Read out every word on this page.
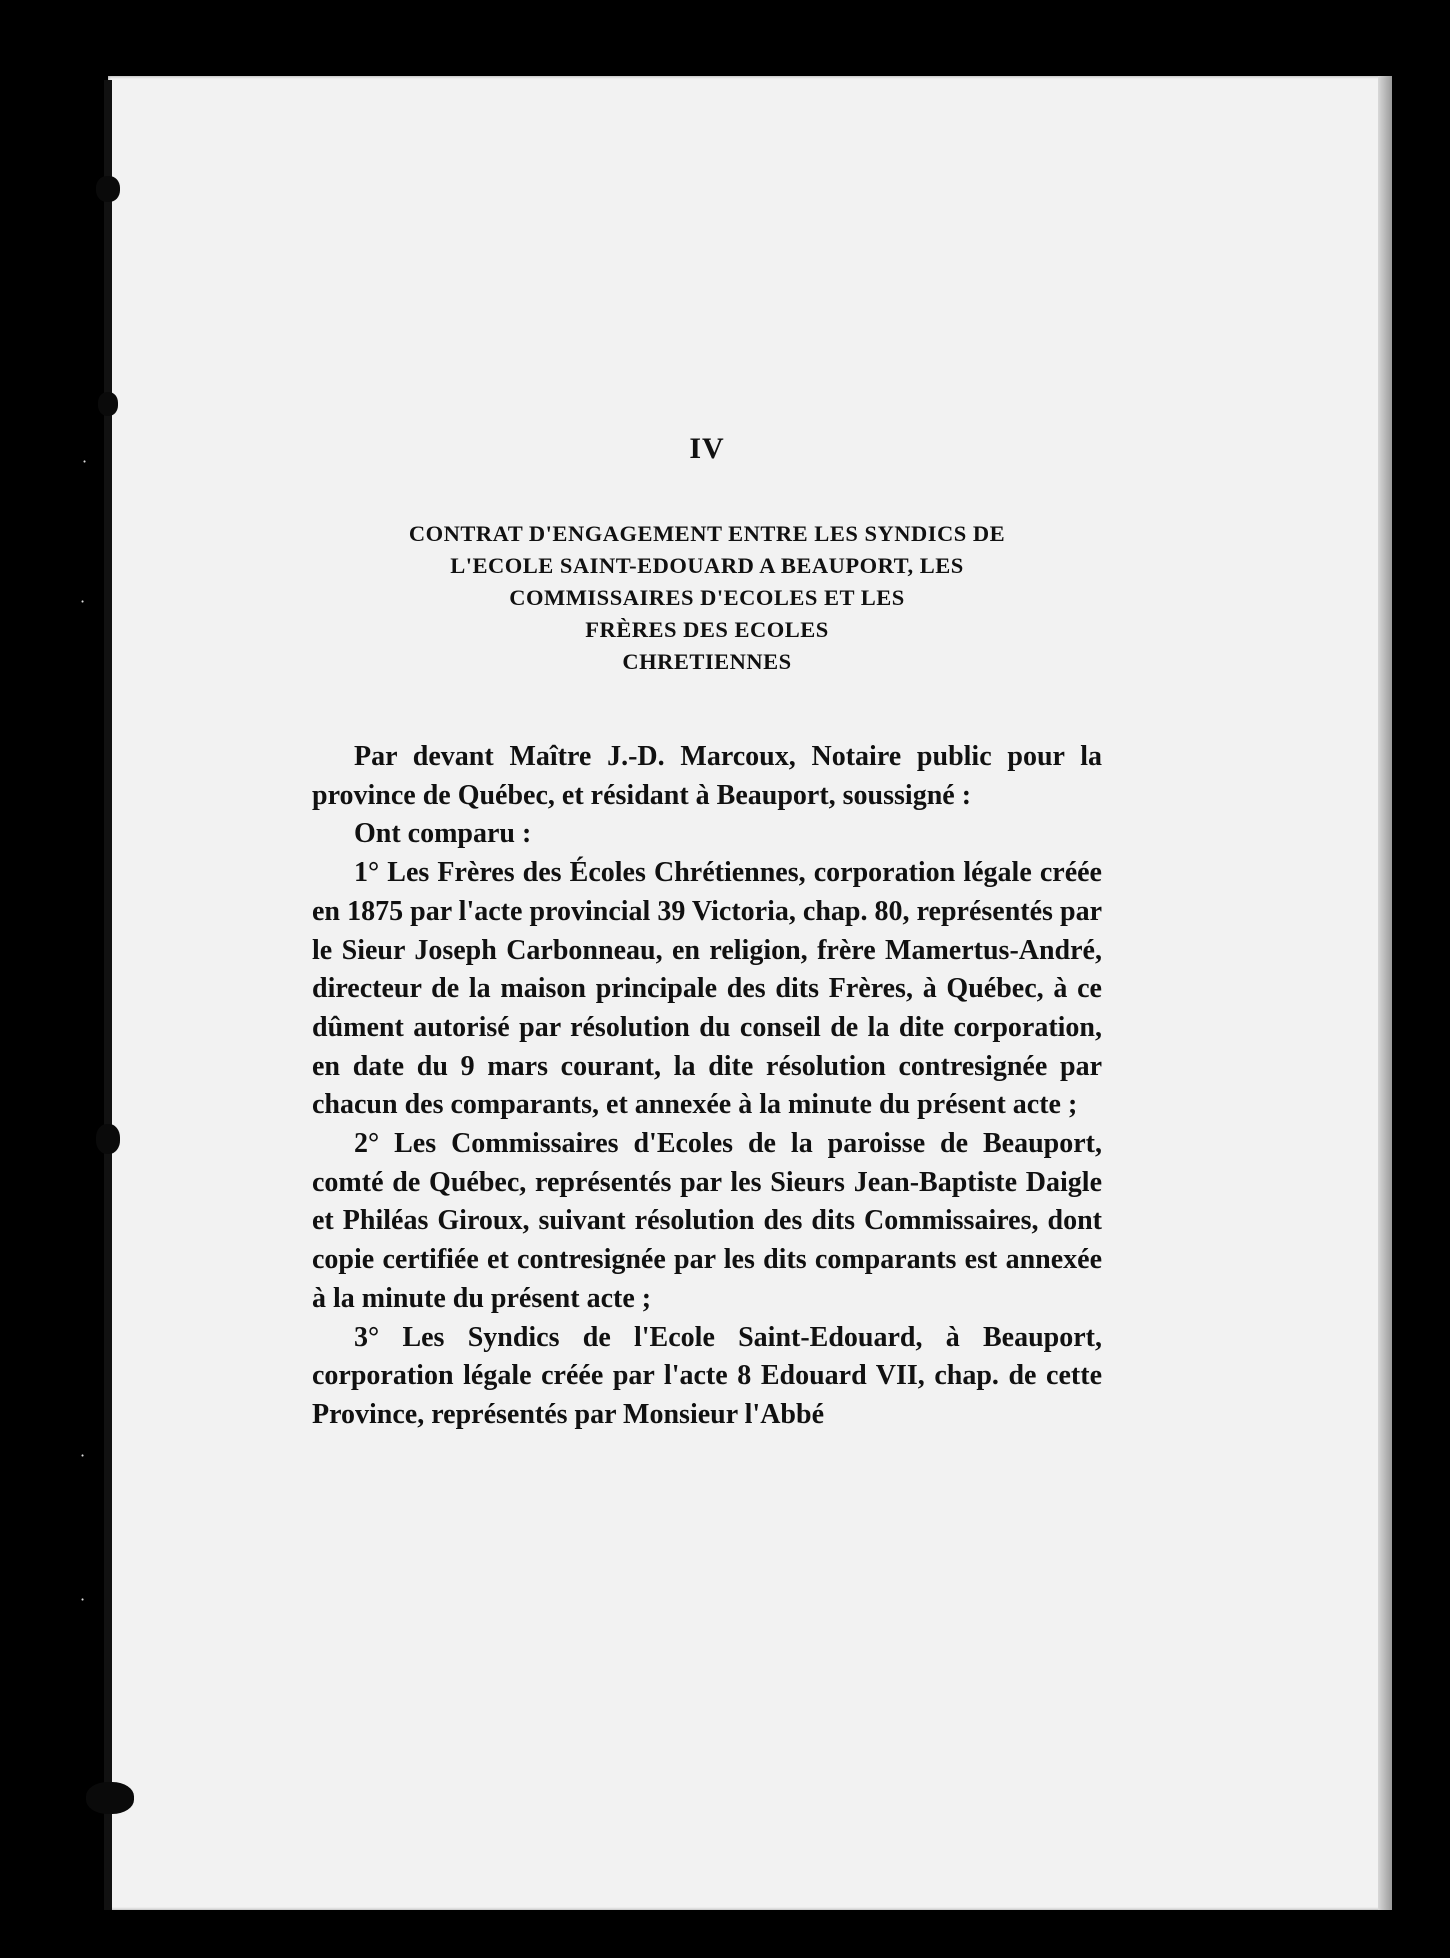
·
·
·
·
IV
CONTRAT D'ENGAGEMENT ENTRE LES SYNDICS DE
L'ECOLE SAINT-EDOUARD A BEAUPORT, LES
COMMISSAIRES D'ECOLES ET LES
FRÈRES DES ECOLES
CHRETIENNES

Par devant Maître J.-D. Marcoux, Notaire public pour la province de Québec, et résidant à Beauport, soussigné :

Ont comparu :

1° Les Frères des Écoles Chrétiennes, corporation légale créée en 1875 par l'acte provincial 39 Victoria, chap. 80, représentés par le Sieur Joseph Carbonneau, en religion, frère Mamertus-André, directeur de la maison principale des dits Frères, à Québec, à ce dûment autorisé par résolution du conseil de la dite corporation, en date du 9 mars courant, la dite résolution contresignée par chacun des comparants, et annexée à la minute du présent acte ;

2° Les Commissaires d'Ecoles de la paroisse de Beauport, comté de Québec, représentés par les Sieurs Jean-Baptiste Daigle et Philéas Giroux, suivant résolution des dits Commissaires, dont copie certifiée et contresignée par les dits comparants est annexée à la minute du présent acte ;

3° Les Syndics de l'Ecole Saint-Edouard, à Beauport, corporation légale créée par l'acte 8 Edouard VII, chap. de cette Province, représentés par Monsieur l'Abbé
